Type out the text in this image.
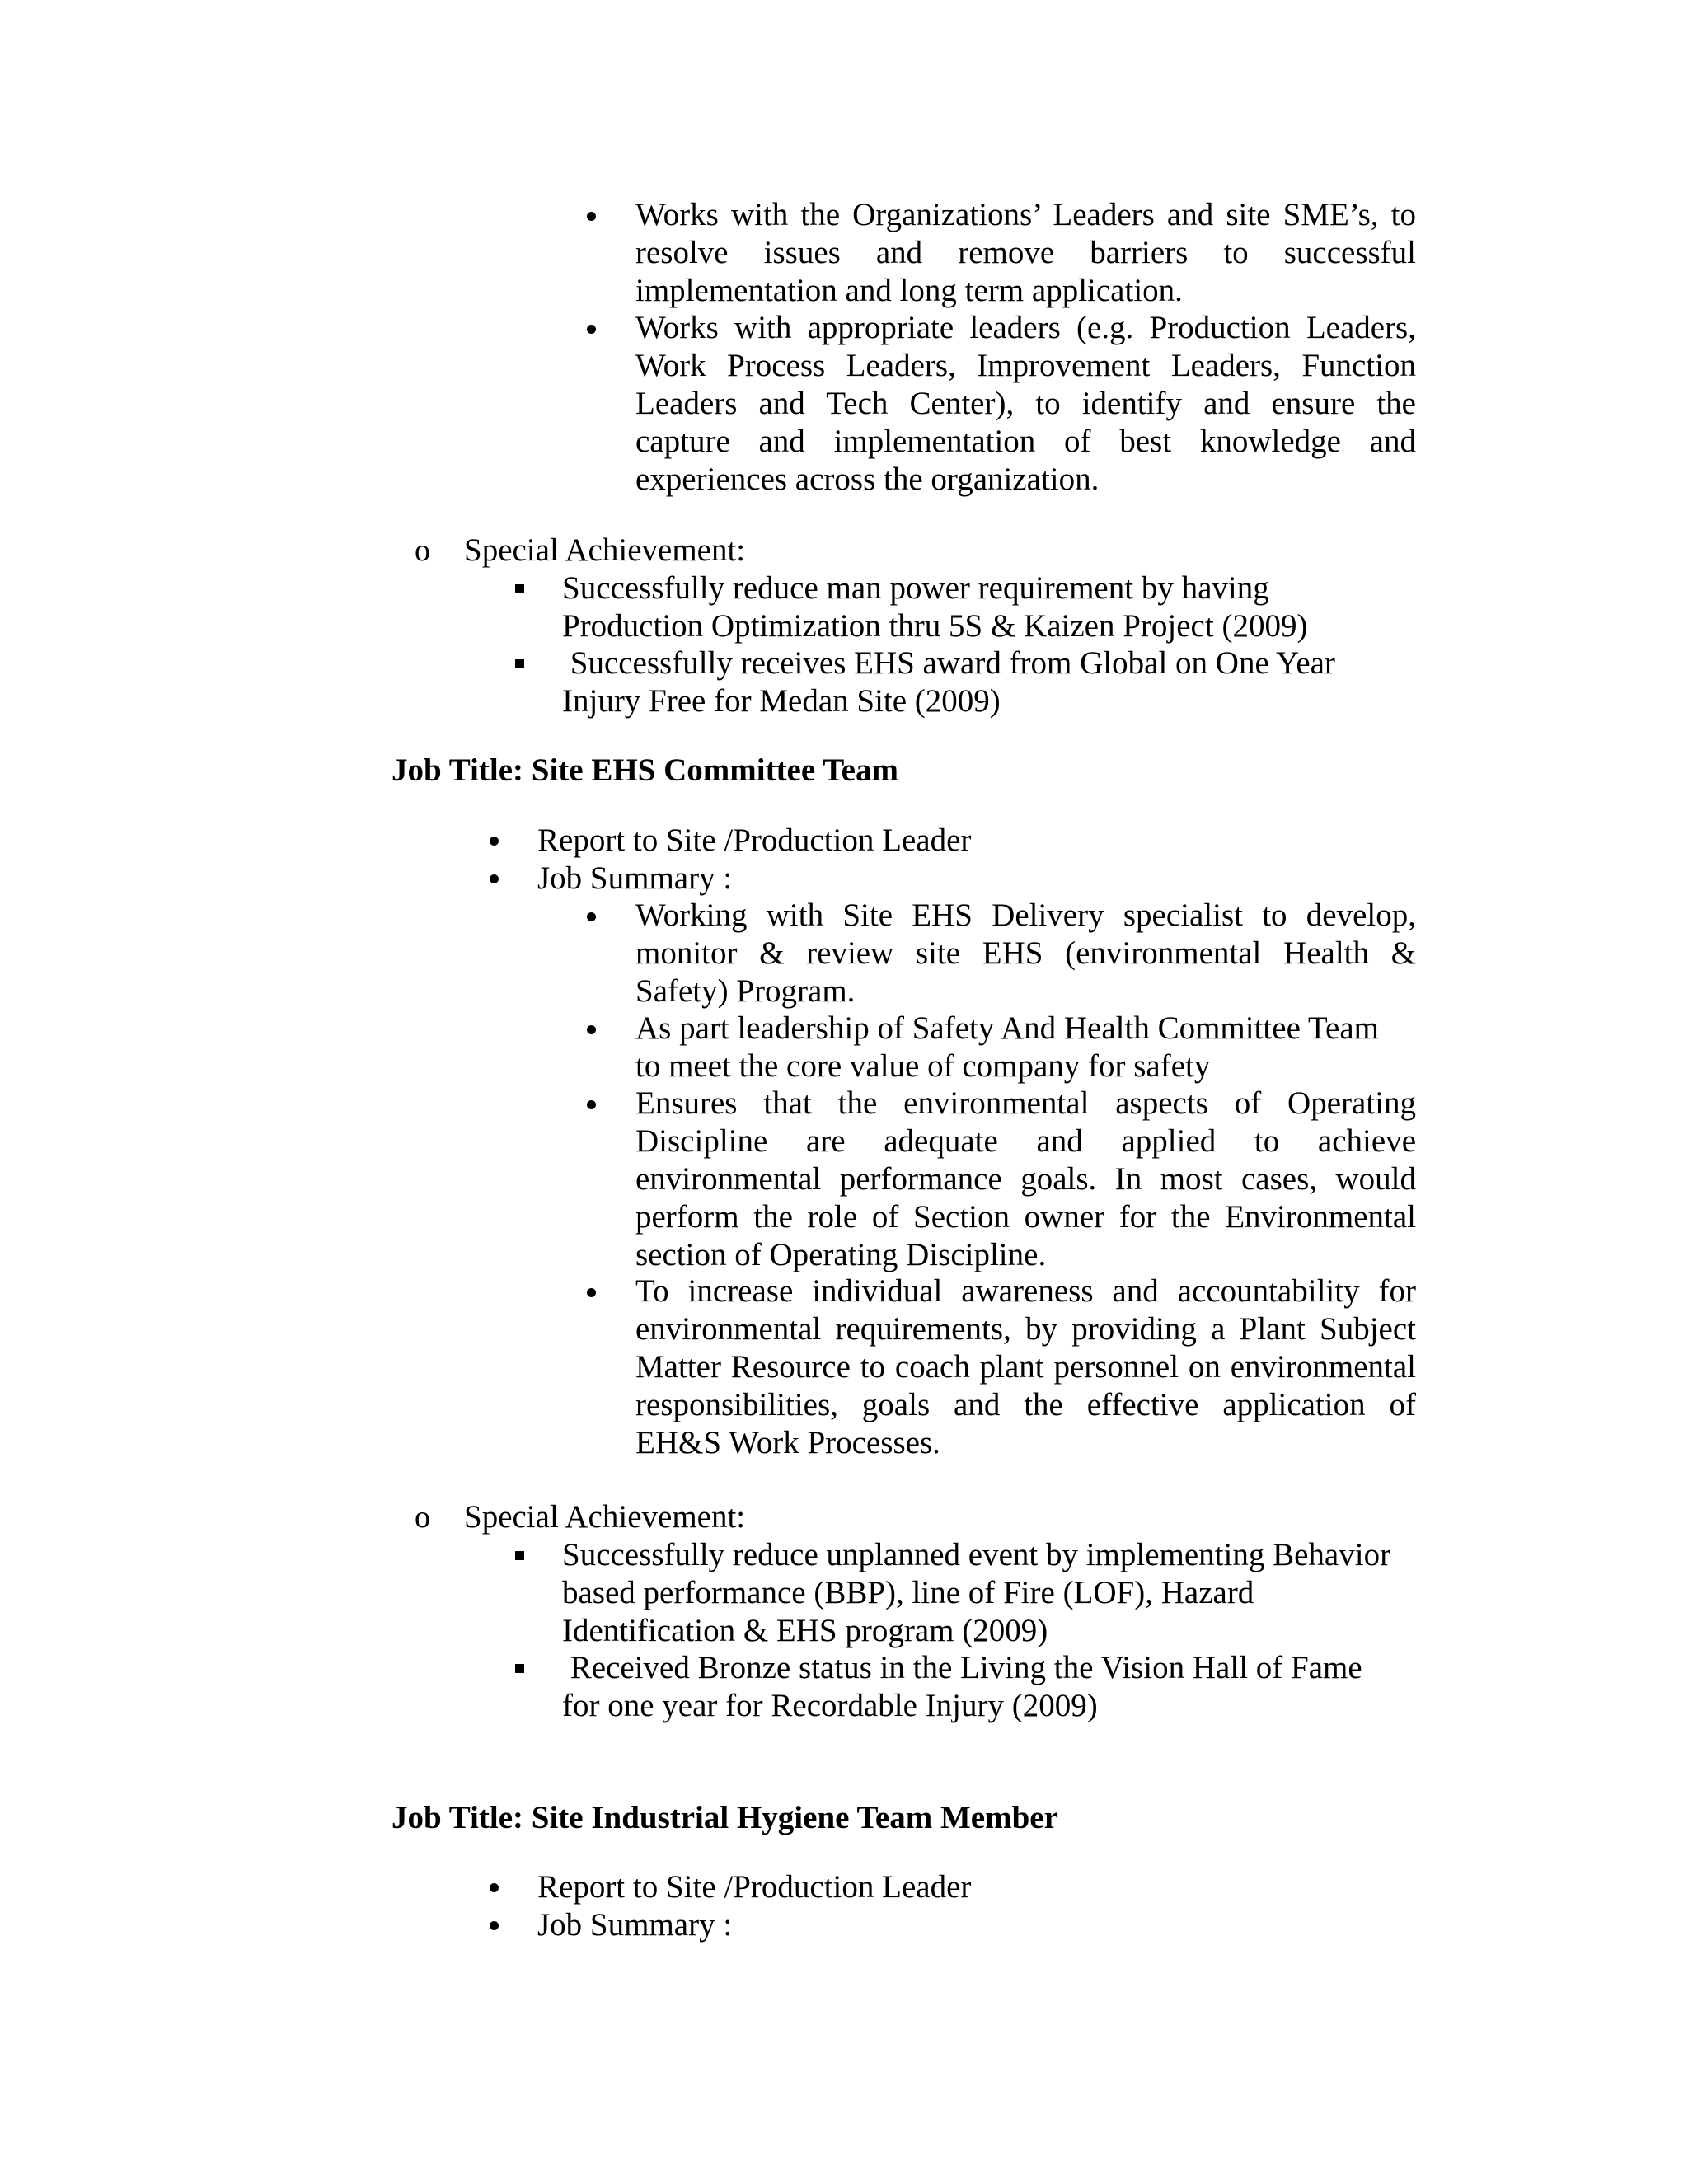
Works with the Organizations’ Leaders and site SME’s, to
resolve issues and remove barriers to successful
implementation and long term application.
Works with appropriate leaders (e.g. Production Leaders,
Work Process Leaders, Improvement Leaders, Function
Leaders and Tech Center), to identify and ensure the
capture and implementation of best knowledge and
experiences across the organization.
o Special Achievement:
Successfully reduce man power requirement by having
Production Optimization thru 5S & Kaizen Project (2009)
Successfully receives EHS award from Global on One Year
Injury Free for Medan Site (2009)
Job Title: Site EHS Committee Team
Report to Site /Production Leader
Job Summary :
Working with Site EHS Delivery specialist to develop,
monitor & review site EHS (environmental Health &
Safety) Program.
As part leadership of Safety And Health Committee Team
to meet the core value of company for safety
Ensures that the environmental aspects of Operating
Discipline are adequate and applied to achieve
environmental performance goals. In most cases, would
perform the role of Section owner for the Environmental
section of Operating Discipline.
To increase individual awareness and accountability for
environmental requirements, by providing a Plant Subject
Matter Resource to coach plant personnel on environmental
responsibilities, goals and the effective application of
EH&S Work Processes.
o Special Achievement:
Successfully reduce unplanned event by implementing Behavior
based performance (BBP), line of Fire (LOF), Hazard
Identification & EHS program (2009)
Received Bronze status in the Living the Vision Hall of Fame
for one year for Recordable Injury (2009)
Job Title: Site Industrial Hygiene Team Member
Report to Site /Production Leader
Job Summary :
